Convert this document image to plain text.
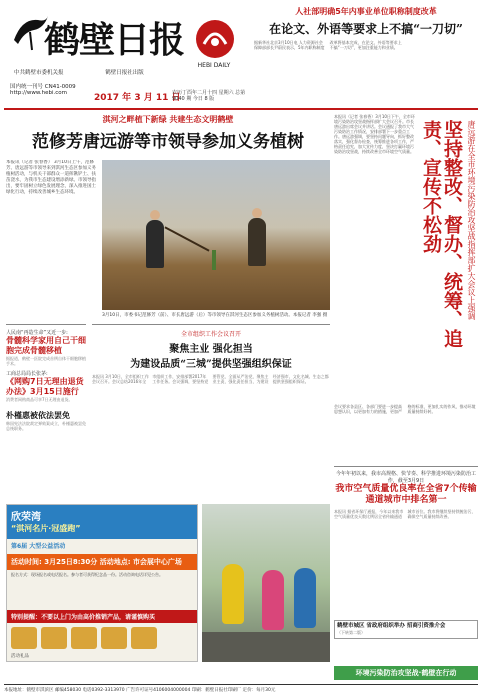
鹤壁日报
HEBI DAILY
中共鹤壁市委机关报	鹤壁日报社出版
国内统一刊号 CN41-0009
http://www.hebi.com	2017 年 3 月 11 日
农历丁酉年二月十四 星期六 总第 9040 期 今日 8 版
人社部明确5年内事业单位职称制度改革
在论文、外语等要求上不搞“一刀切”
据新华社北京3月10日电 人力资源社会保障部部长尹蔚民表示，5年内职称制度改革将基本完成，在论文、外语等要求上不搞“一刀切”，更加注重能力和业绩。
淇河之畔植下新绿 共建生态文明鹤壁
范修芳唐远游等市领导参加义务植树
本报讯（记者 张春香） 3月10日上午，范修芳、唐远游等市领导来到淇河生态区参加义务植树活动，与机关干部群众一道挥锹铲土、扶苗浇水，为我市生态建设增添新绿。市领导指出，要牢固树立绿色发展理念，深入推进国土绿化行动，持续改善城乡生态环境。
3月10日，市委书记范修芳（前）、市长唐远游（后）等市领导在淇河生态区参加义务植树活动。本报记者 李强 摄
人民南“再造生命”又近一步:
骨髓科学家用自己干细胞完成骨髓移植
据报道，鹤壁一医院完成首例自体干细胞移植手术。
工商总局局长张茅:
《网购7日无理由退货办法》3月15日施行
消费者网购商品可享7日无理由退货。
朴槿惠被依法罢免
韩国宪法法院裁定弹劾案成立，朴槿惠被罢免总统职务。
全市组织工作会议召开
聚焦主业 强化担当
为建设品质“三城”提供坚强组织保证
本报讯 3月10日，全市组织工作会议召开。会议总结2016年全市组织工作，安排部署2017年工作任务。会议强调，要坚持党要管党、全面从严治党，聚焦主业主责，强化责任担当，为建设经济强市、文化名城、生态之都提供坚强组织保证。
欣荣湾
“淇河名片·冠盛跑”
第6届 大型公益活动
活动时间: 3月25日8:30分 活动地点: 市会展中心广场
报名方式：现场报名或电话报名。参与者可获得纪念品一份。活动咨询电话详见公告。
特别提醒：不要以上门为由高价推销产品，请谨慎购买
活动礼品
本报讯（记者 张春香）3月10日下午，全市环境污染防治攻坚战指挥部扩大会议召开。市长唐远游出席会议并讲话。会议通报了我市大气污染防治工作情况，安排部署下一步重点工作。唐远游强调，要坚持问题导向，抓好整改落实，强化督办检查，统筹推进各项工作，严格责任追究，加大宣传力度，坚决打赢环境污染防治攻坚战，持续改善全市环境空气质量。	唐远游在全市环境污染防治攻坚战指挥部扩大会议上强调
坚持整改、督办、统筹、追责、宣传不松劲
会议要求各县区、各部门要进一步提高思想认识，以更加有力的措施，更加严格的标准，更加扎实的作风，推动环境质量持续好转。
今年年初以来，我市高规格、快节奏、科学推进环境污染防治工作，截至3月9日
我市空气质量优良率在全省7个传输通道城市中排名第一
本报讯 据省环保厅通报，今年以来我市空气质量优良天数比例居全省传输通道城市首位。我市将继续坚持铁腕治污，确保空气质量持续改善。
鹤壁市城区 省政府组织举办 招商引资推介会
（下转第二版）
环境污染防治攻坚战·鹤壁在行动
本报地址：鹤壁市淇滨区 邮编458030 电话0392-3313970 广告许可证号4106004000004 印刷：鹤壁日报社印刷厂 定价：每月30元
